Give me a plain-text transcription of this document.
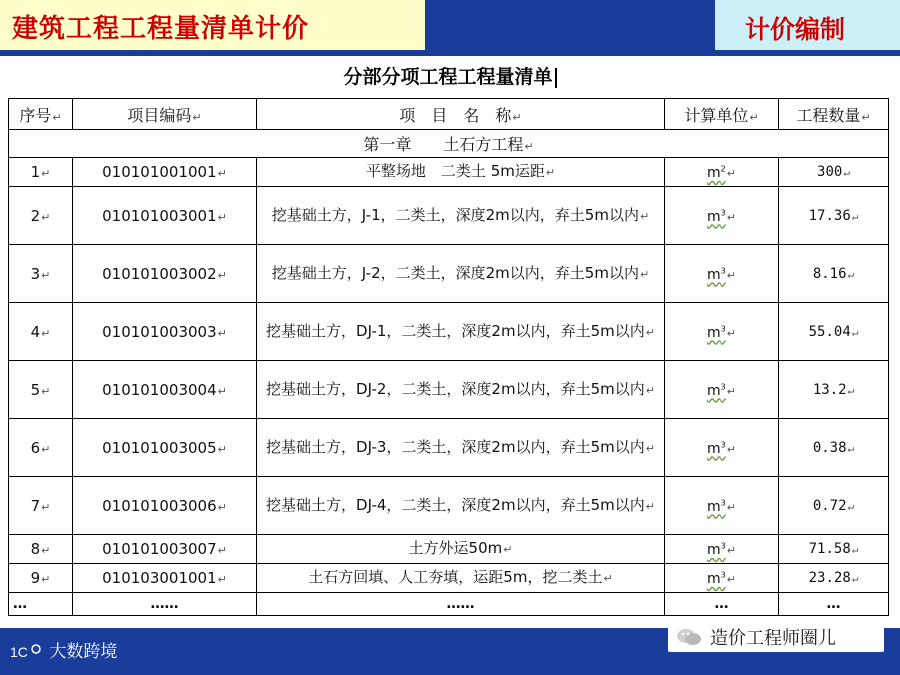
建筑工程工程量清单计价	计价编制
分部分项工程工程量清单
序号↵	项目编码↵	项　目　名　称↵	计算单位↵	工程数量↵
第一章　　土石方工程↵				
1↵	010101001001↵	平整场地　二类土 5m运距↵	$m^2↵$	300↵
2↵	010101003001↵	挖基础土方，J-1，二类土，深度2m以内，弃土5m以内↵	$m^3↵$	17.36↵
3↵	010101003002↵	挖基础土方，J-2，二类土，深度2m以内，弃土5m以内↵	$m^3↵$	8.16↵
4↵	010101003003↵	挖基础土方，DJ-1，二类土，深度2m以内，弃土5m以内↵	$m^3↵$	55.04↵
5↵	010101003004↵	挖基础土方，DJ-2，二类土，深度2m以内，弃土5m以内↵	$m^3↵$	13.2↵
6↵	010101003005↵	挖基础土方，DJ-3，二类土，深度2m以内，弃土5m以内↵	$m^3↵$	0.38↵
7↵	010101003006↵	挖基础土方，DJ-4，二类土，深度2m以内，弃土5m以内↵	$m^3↵$	0.72↵
8↵	010101003007↵	土方外运50m↵	$m^3↵$	71.58↵
9↵	010103001001↵	土石方回填、人工夯填，运距5m，挖二类土↵	$m^3↵$	23.28↵
…	……	……	…	…
1C 大数跨境
造价工程师圈儿
